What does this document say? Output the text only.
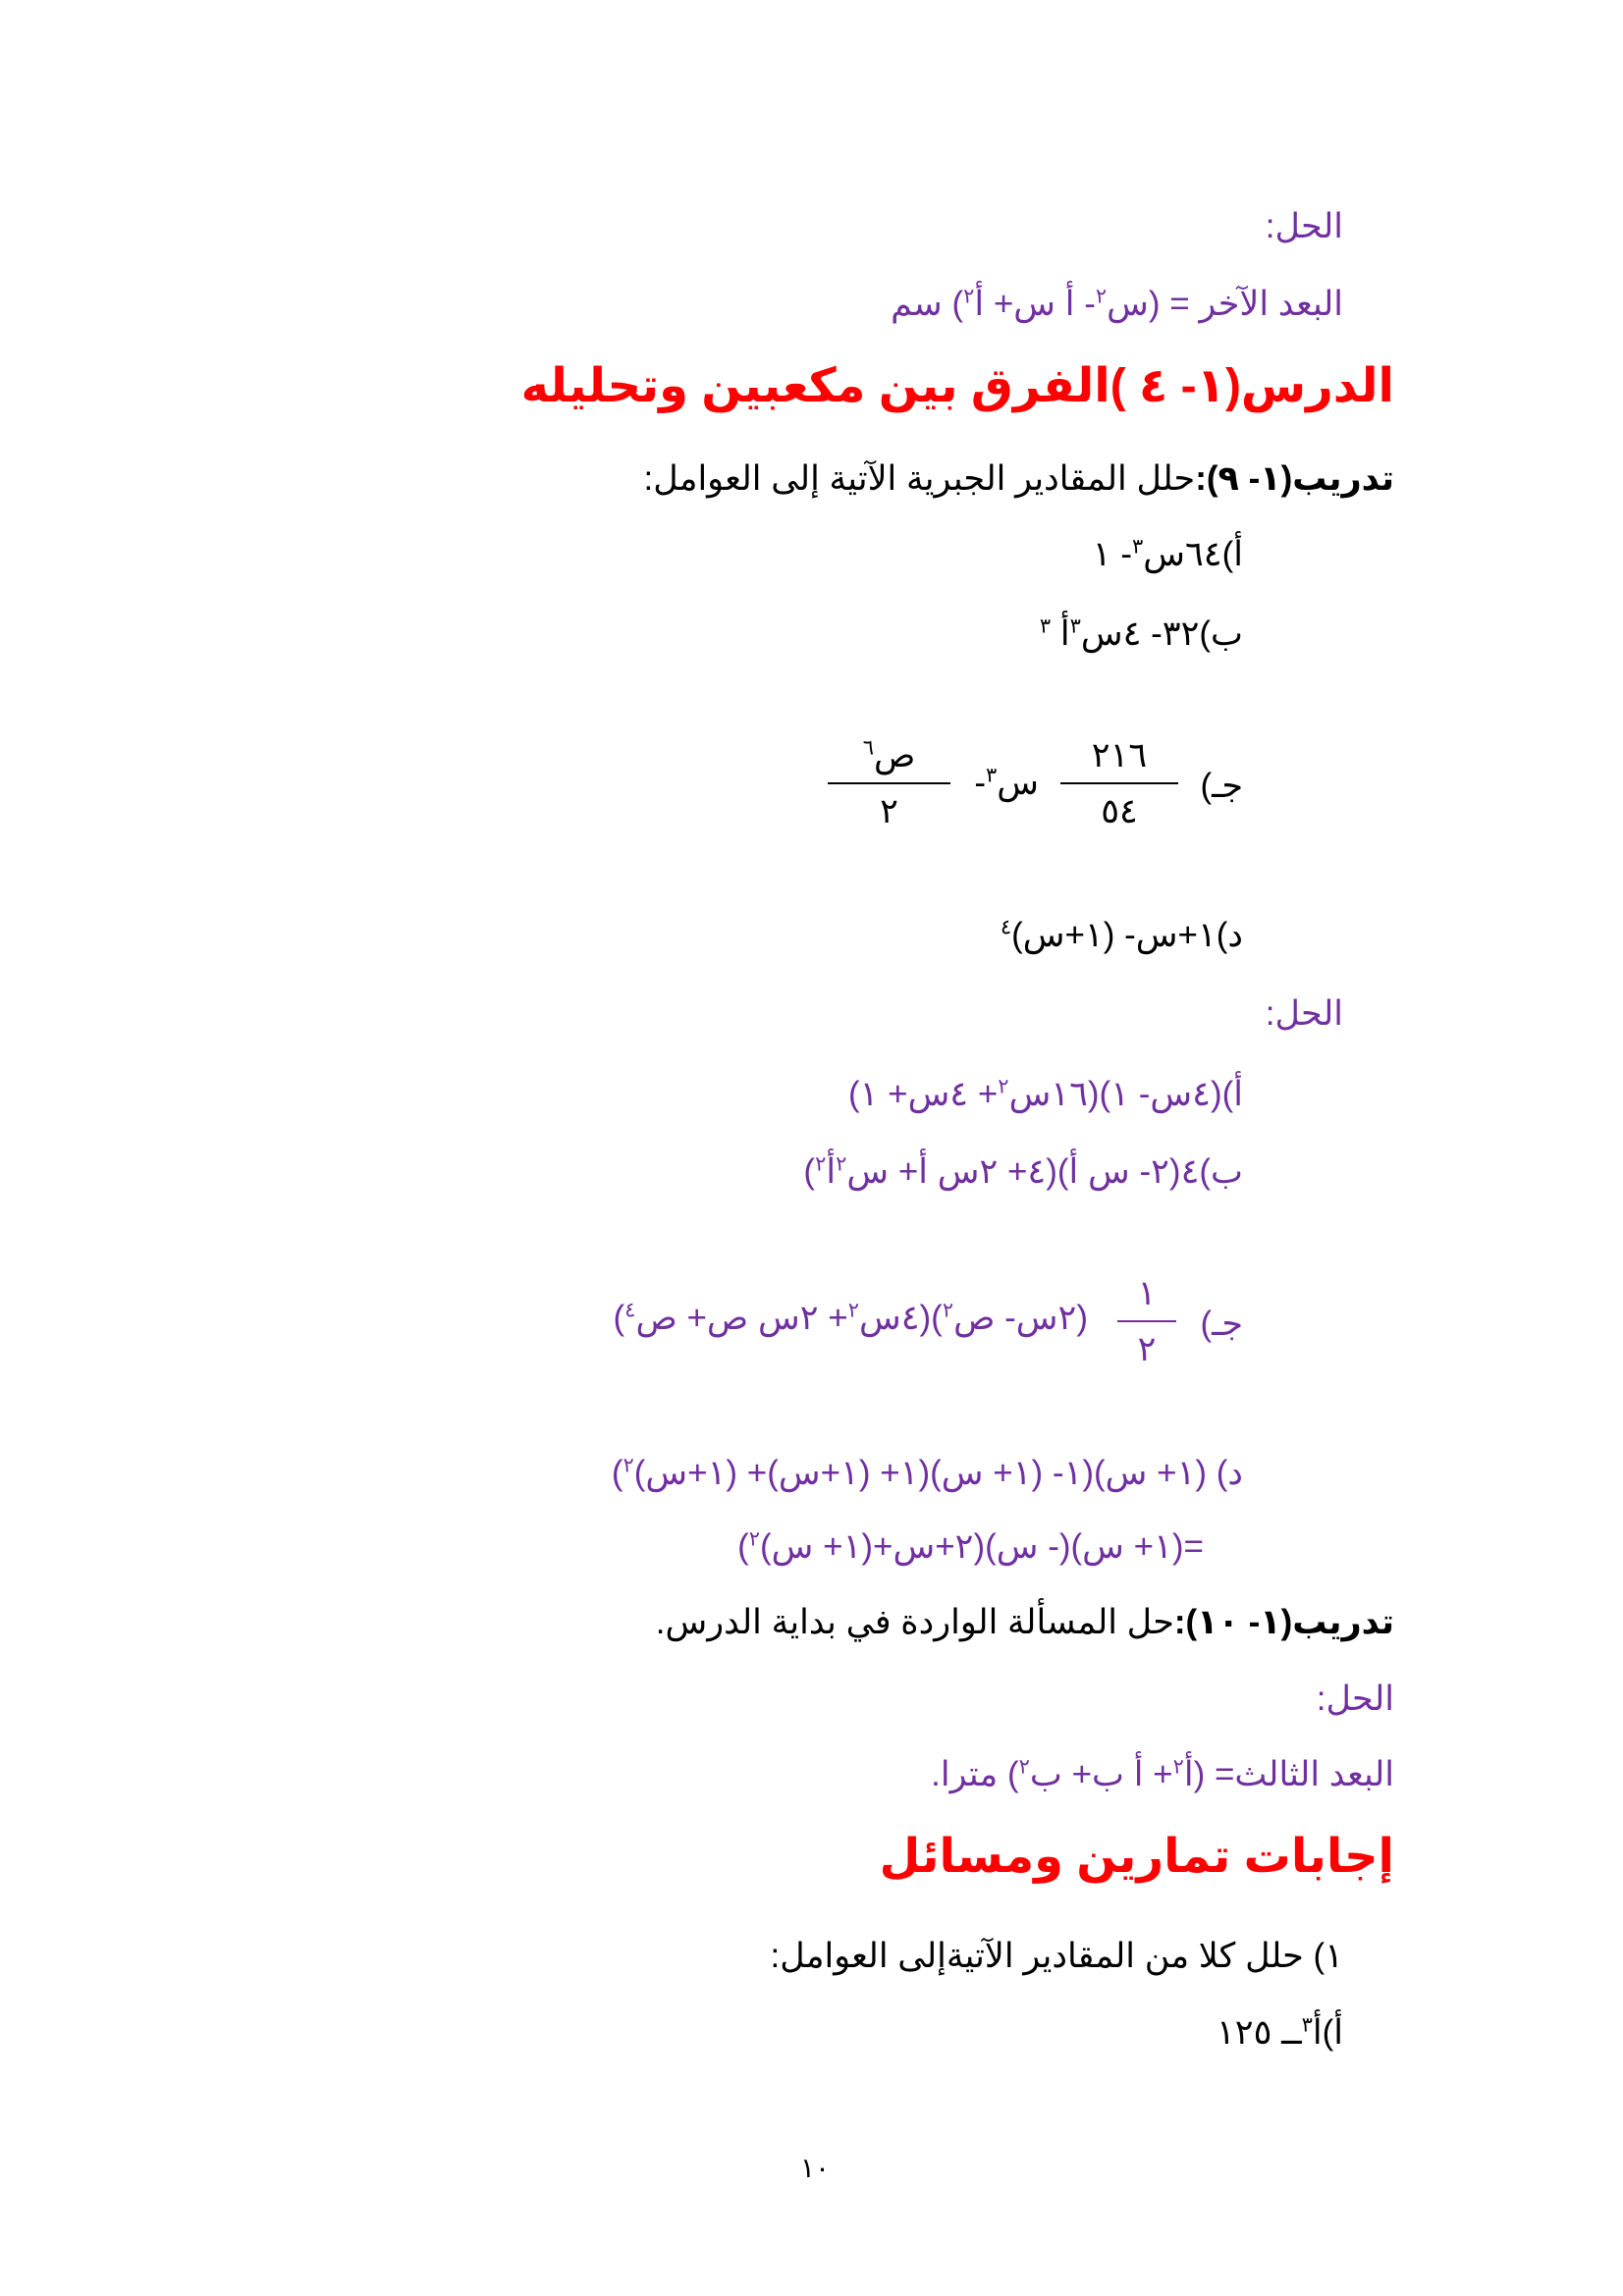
الحل:
البعد الآخر = (س$^٢$- أ س+ أ$^٢$) سم
الدرس(١- ٤ )الفرق بين مكعبين وتحليله
تدريب(١- ٩):حلل المقادير الجبرية الآتية إلى العوامل:
أ)٦٤س$^٣$- ١
ب)٣٢- ٤س$^٣$أ $^٣$
جـ)
٢١٦
٥٤
س$^٣$-
ص$^٦$
٢
د)١+س- (١+س)$^٤$
الحل:
أ)(٤س- ١)(١٦س$^٢$+ ٤س+ ١)
ب)٤(٢- س أ)(٤+ ٢س أ+ س$^٢$أ$^٢$)
جـ)
١
٢
(٢س- ص$^٢$)(٤س$^٢$+ ٢س ص+ ص$^٤$)
د) (١+ س)(١- (١+ س)(١+ (١+س)+ (١+س)$^٢$)
=(١+ س)(- س)(٢+س+(١+ س)$^٢$)
تدريب(١- ١٠):حل المسألة الواردة في بداية الدرس.
الحل:
البعد الثالث= (أ$^٢$+ أ ب+ ب$^٢$) مترا.
إجابات تمارين ومسائل
١) حلل كلا من المقادير الآتيةإلى العوامل:
أ)أ$^٣$ــ ١٢٥
١٠
